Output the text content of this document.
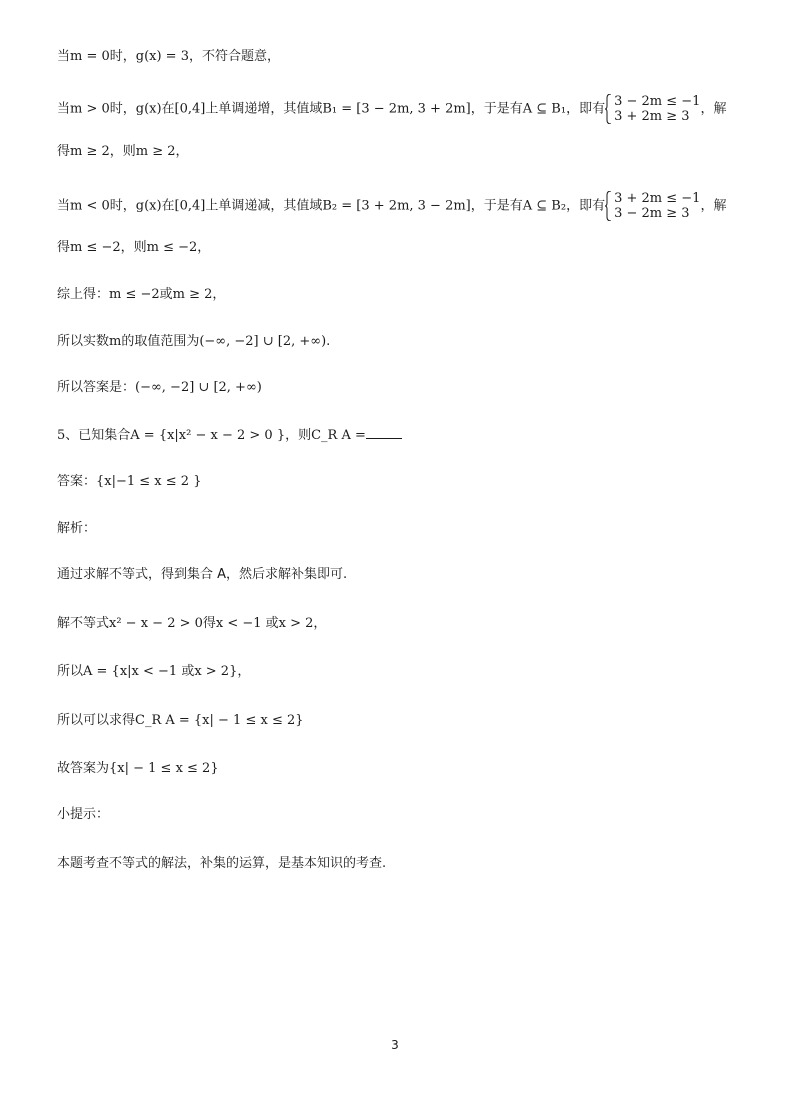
当m = 0时，g(x) = 3，不符合题意，
当m > 0时，g(x)在[0,4]上单调递增，其值域B₁ = [3 − 2m, 3 + 2m]，于是有A ⊆ B₁，即有 3 − 2m ≤ −1
3 + 2m ≥ 3 ，解
得m ≥ 2，则m ≥ 2，
当m < 0时，g(x)在[0,4]上单调递减，其值域B₂ = [3 + 2m, 3 − 2m]，于是有A ⊆ B₂，即有 3 + 2m ≤ −1
3 − 2m ≥ 3 ，解
得m ≤ −2，则m ≤ −2，
综上得：m ≤ −2或m ≥ 2，
所以实数m的取值范围为(−∞, −2] ∪ [2, +∞).
所以答案是：(−∞, −2] ∪ [2, +∞)
5、已知集合A = {x|x² − x − 2 > 0 }，则C_R A =
答案：{x|−1 ≤ x ≤ 2 }
解析：
通过求解不等式，得到集合 A，然后求解补集即可.
解不等式x² − x − 2 > 0得x < −1 或x > 2，
所以A = {x|x < −1 或x > 2}，
所以可以求得C_R A = {x| − 1 ≤ x ≤ 2}
故答案为{x| − 1 ≤ x ≤ 2}
小提示：
本题考查不等式的解法，补集的运算，是基本知识的考查.
3
